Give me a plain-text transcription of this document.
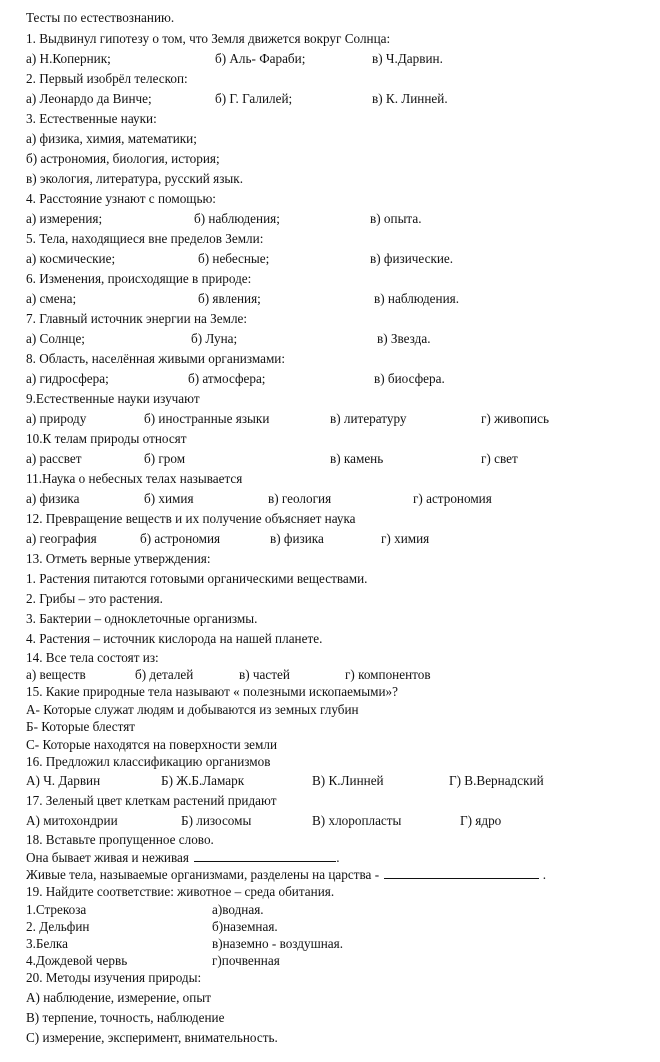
Тесты по естествознанию.
1. Выдвинул гипотезу о том, что Земля движется вокруг Солнца:
а) Н.Коперник;	б) Аль- Фараби;	в) Ч.Дарвин.
2. Первый изобрёл телескоп:
а) Леонардо да Винче;	б) Г. Галилей;	в) К. Линней.
3. Естественные науки:
а) физика, химия, математики;
б) астрономия, биология, история;
в) экология, литература, русский язык.
4. Расстояние узнают с помощью:
а) измерения;	б) наблюдения;	в) опыта.
5. Тела, находящиеся вне пределов Земли:
а) космические;	б) небесные;	в) физические.
6. Изменения, происходящие в природе:
а) смена;	б) явления;	в) наблюдения.
7. Главный источник энергии на Земле:
а) Солнце;	б) Луна;	в) Звезда.
8. Область, населённая живыми организмами:
а) гидросфера;	б) атмосфера;	в) биосфера.
9.Естественные науки изучают
а) природу	б) иностранные языки	в) литературу	г) живопись
10.К телам природы относят
а) рассвет	б) гром	в) камень	г) свет
11.Наука о небесных телах называется
а) физика	б) химия	в) геология	г) астрономия
12. Превращение веществ и их получение объясняет наука
а) география	б) астрономия	в) физика	г) химия
13. Отметь верные утверждения:
1. Растения питаются готовыми органическими веществами.
2. Грибы – это растения.
3. Бактерии – одноклеточные организмы.
4. Растения – источник кислорода на нашей планете.
14. Все тела состоят из:
а) веществ	б) деталей	в) частей	г) компонентов
15. Какие природные тела называют « полезными ископаемыми»?
А- Которые служат людям и добываются из земных глубин
Б- Которые блестят
С- Которые находятся на поверхности земли
16. Предложил классификацию организмов
А) Ч. Дарвин	Б) Ж.Б.Ламарк	В) К.Линней	Г) В.Вернадский
17. Зеленый цвет клеткам растений придают
А) митохондрии	Б) лизосомы	В) хлоропласты	Г) ядро
18. Вставьте пропущенное слово.
Она бывает живая и неживая	.
Живые тела, называемые организмами, разделены на царства -	.
19. Найдите соответствие: животное – среда обитания.
1.Стрекоза	а)водная.
2. Дельфин	б)наземная.
3.Белка	в)наземно - воздушная.
4.Дождевой червь	г)почвенная
20. Методы изучения природы:
А) наблюдение, измерение, опыт
В) терпение, точность, наблюдение
С) измерение, эксперимент, внимательность.
